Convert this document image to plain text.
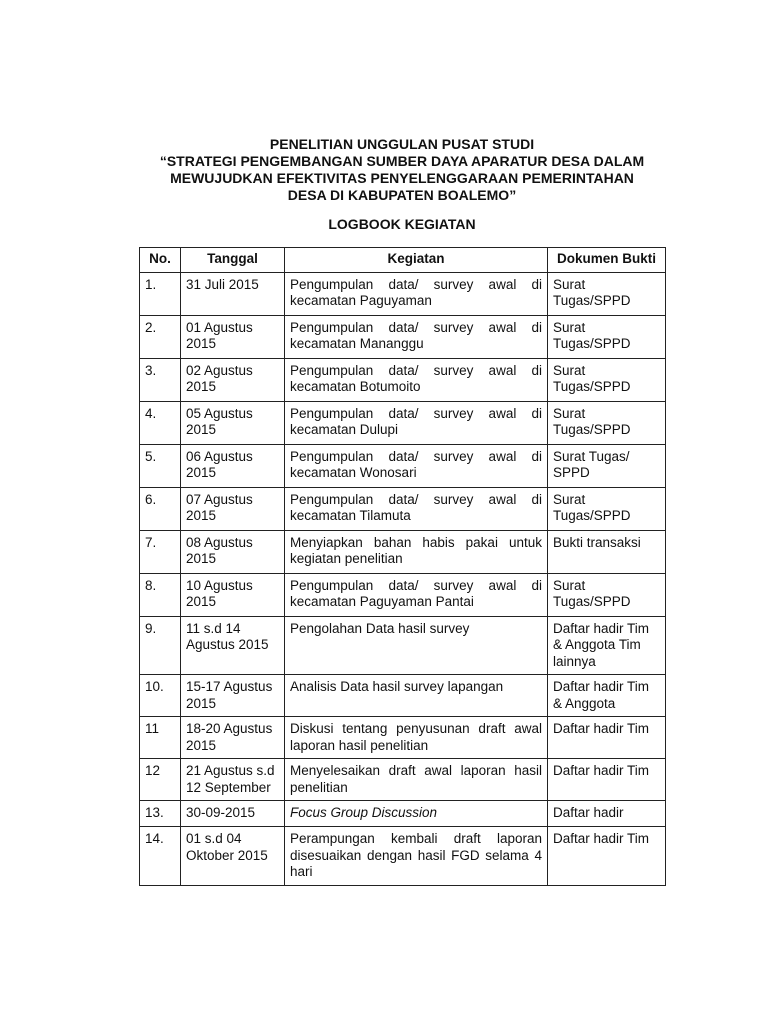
PENELITIAN UNGGULAN PUSAT STUDI
“STRATEGI PENGEMBANGAN SUMBER DAYA APARATUR DESA DALAM
MEWUJUDKAN EFEKTIVITAS PENYELENGGARAAN PEMERINTAHAN
DESA DI KABUPATEN BOALEMO”
LOGBOOK KEGIATAN
No.	Tanggal	Kegiatan	Dokumen Bukti
1.	31 Juli 2015	Pengumpulan data/ survey awal di kecamatan Paguyaman	Surat Tugas/SPPD
2.	01 Agustus 2015	Pengumpulan data/ survey awal di kecamatan Mananggu	Surat Tugas/SPPD
3.	02 Agustus 2015	Pengumpulan data/ survey awal di kecamatan Botumoito	Surat Tugas/SPPD
4.	05 Agustus 2015	Pengumpulan data/ survey awal di kecamatan Dulupi	Surat Tugas/SPPD
5.	06 Agustus 2015	Pengumpulan data/ survey awal di kecamatan Wonosari	Surat Tugas/ SPPD
6.	07 Agustus 2015	Pengumpulan data/ survey awal di kecamatan Tilamuta	Surat Tugas/SPPD
7.	08 Agustus 2015	Menyiapkan bahan habis pakai untuk kegiatan penelitian	Bukti transaksi
8.	10 Agustus 2015	Pengumpulan data/ survey awal di kecamatan Paguyaman Pantai	Surat Tugas/SPPD
9.	11 s.d 14 Agustus 2015	Pengolahan Data hasil survey	Daftar hadir Tim & Anggota Tim lainnya
10.	15-17 Agustus 2015	Analisis Data hasil survey lapangan	Daftar hadir Tim & Anggota
11	18-20 Agustus 2015	Diskusi tentang penyusunan draft awal laporan hasil penelitian	Daftar hadir Tim
12	21 Agustus s.d 12 September	Menyelesaikan draft awal laporan hasil penelitian	Daftar hadir Tim
13.	30-09-2015	Focus Group Discussion	Daftar hadir
14.	01 s.d 04 Oktober 2015	Perampungan kembali draft laporan disesuaikan dengan hasil FGD selama 4 hari	Daftar hadir Tim
